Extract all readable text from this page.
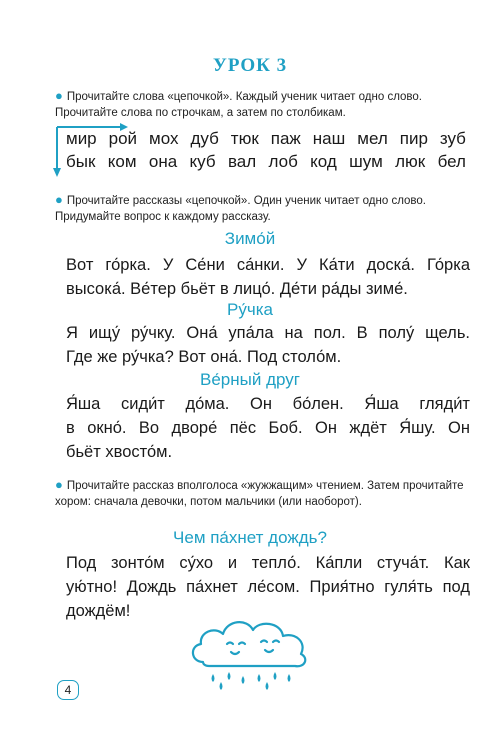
УРОК 3
● Прочитайте слова «цепочкой». Каждый ученик читает одно слово. Прочитайте слова по строчкам, а затем по столбикам.
мир рой мох дуб тюк паж наш мел пир зуб
бык ком она куб вал лоб код шум люк бел
● Прочитайте рассказы «цепочкой». Один ученик читает одно слово. Придумайте вопрос к каждому рассказу.
Зимо́й
Вот го́рка. У Се́ни са́нки. У Ка́ти доска́. Го́рка
высока́. Ве́тер бьёт в лицо́. Де́ти ра́ды зиме́.
Ру́чка
Я ищу́ ру́чку. Она́ упа́ла на пол. В полу́ щель.
Где же ру́чка? Вот она́. Под столо́м.
Ве́рный друг
Я́ша сиди́т до́ма. Он бо́лен. Я́ша гляди́т
в окно́. Во дворе́ пёс Боб. Он ждёт Я́шу. Он
бьёт хвосто́м.
● Прочитайте рассказ вполголоса «жужжащим» чтением. Затем прочитайте хором: сначала девочки, потом мальчики (или наоборот).
Чем па́хнет дождь?
Под зонто́м су́хо и тепло́. Ка́пли стуча́т. Как
ую́тно! Дождь па́хнет ле́сом. Прия́тно гуля́ть под
дождём!
4
